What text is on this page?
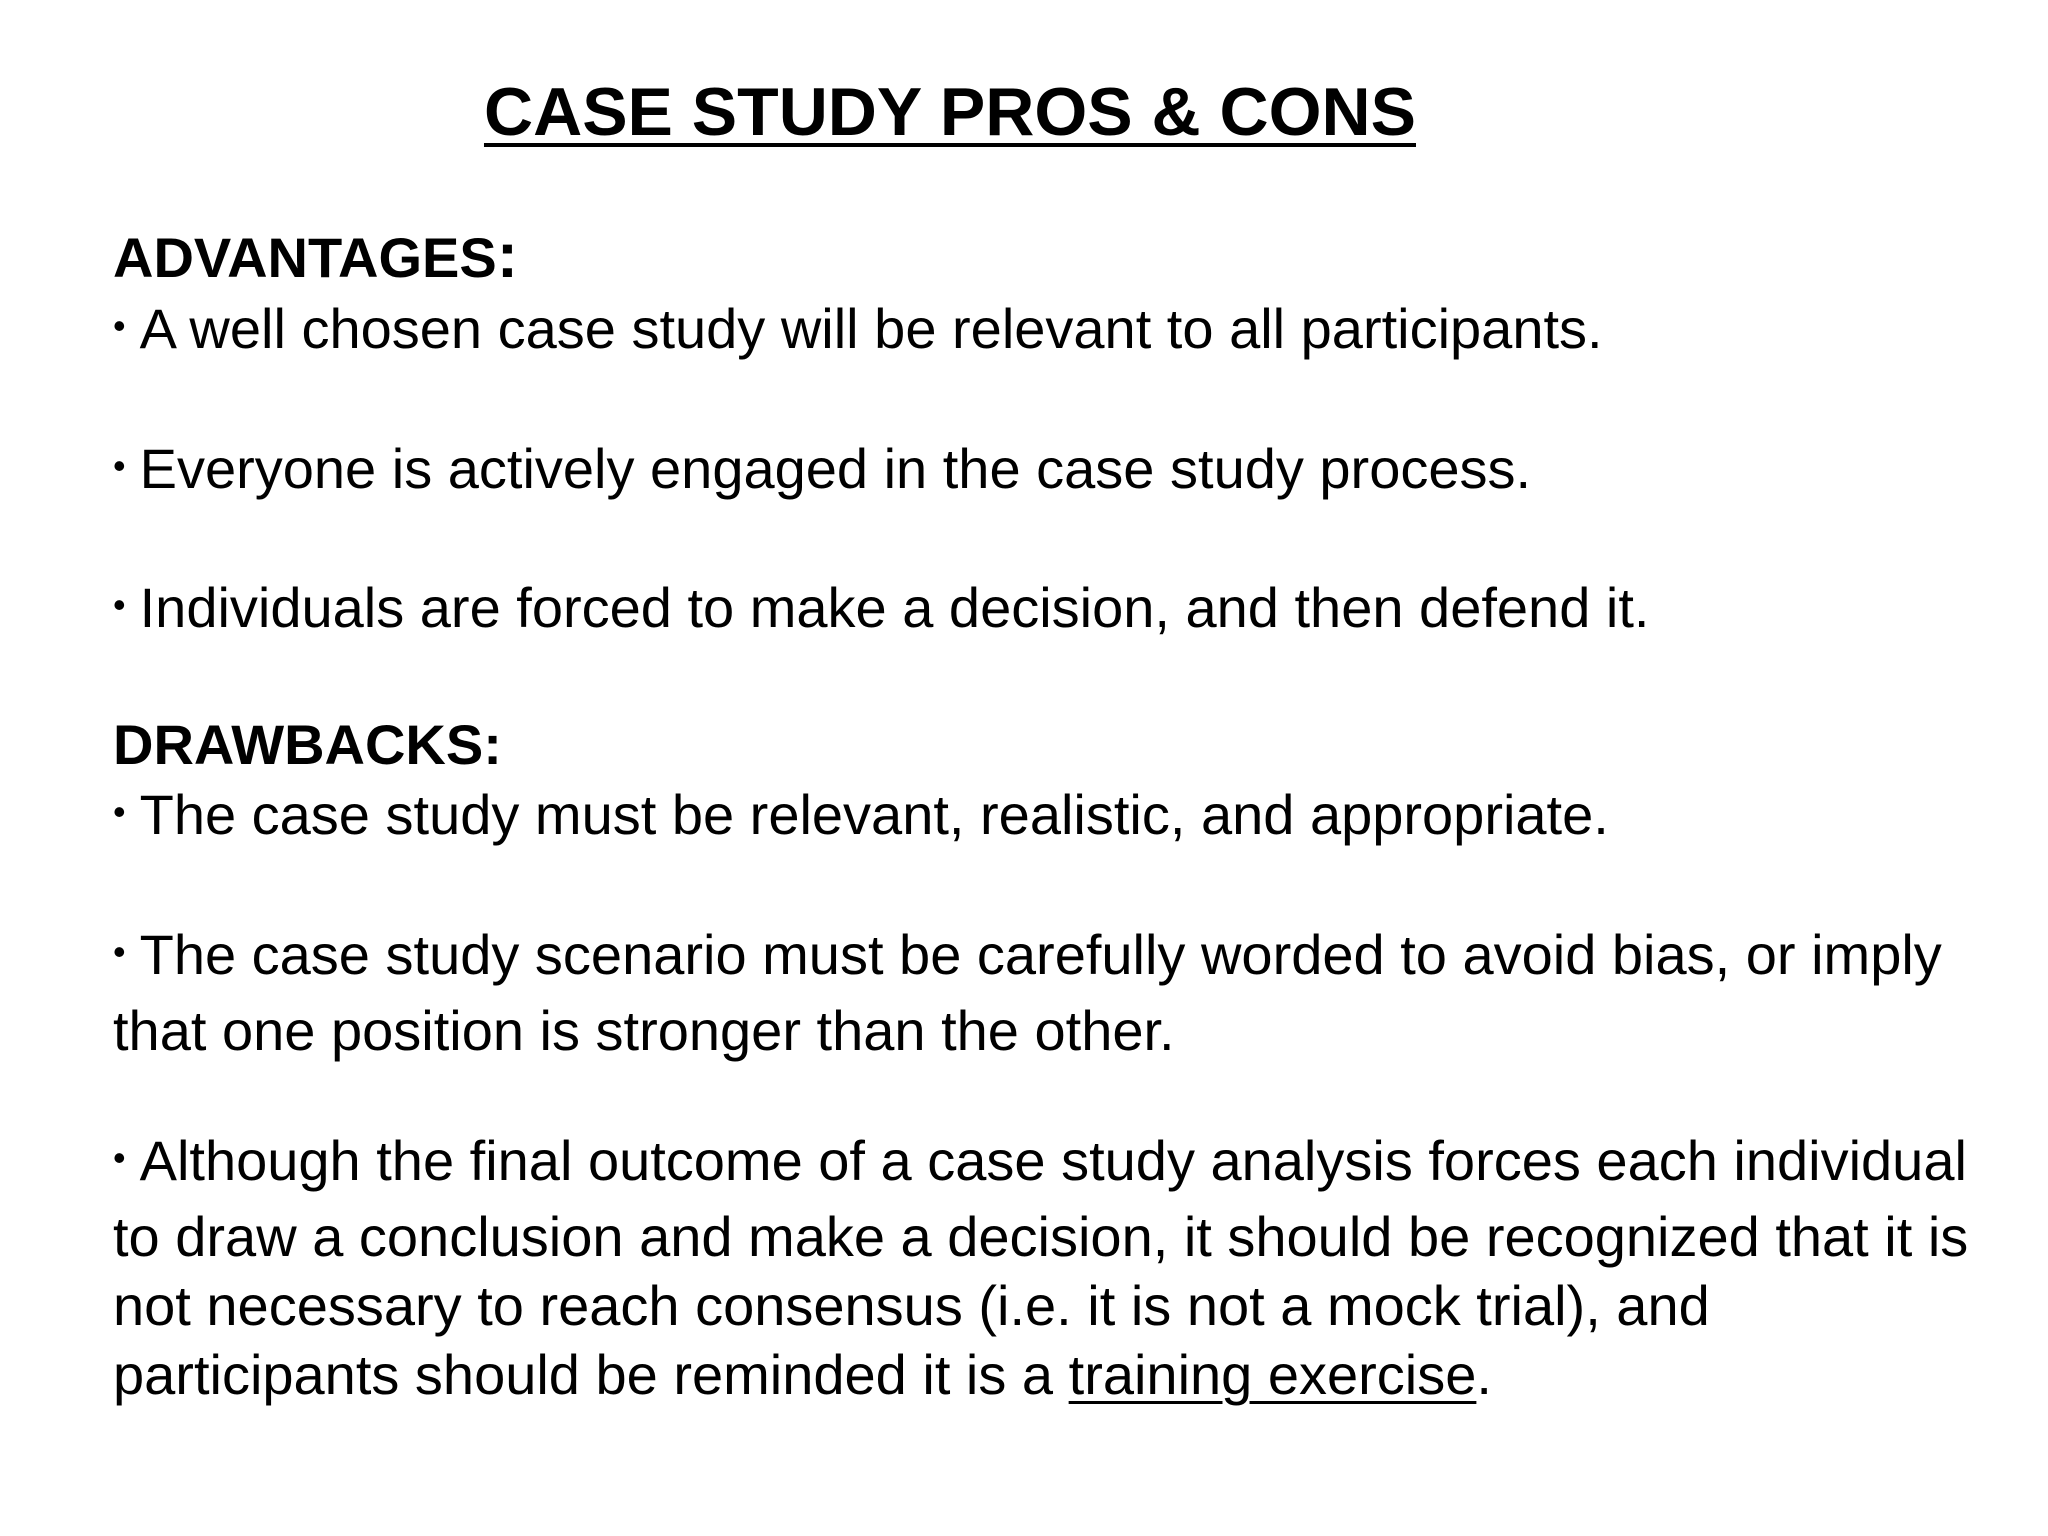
CASE STUDY PROS & CONS

ADVANTAGES:

• A well chosen case study will be relevant to all participants.

• Everyone is actively engaged in the case study process.

• Individuals are forced to make a decision, and then defend it.

DRAWBACKS:

• The case study must be relevant, realistic, and appropriate.

• The case study scenario must be carefully worded to avoid bias, or imply that one position is stronger than the other.

• Although the final outcome of a case study analysis forces each individual to draw a conclusion and make a decision, it should be recognized that it is not necessary to reach consensus (i.e. it is not a mock trial), and participants should be reminded it is a training exercise.
